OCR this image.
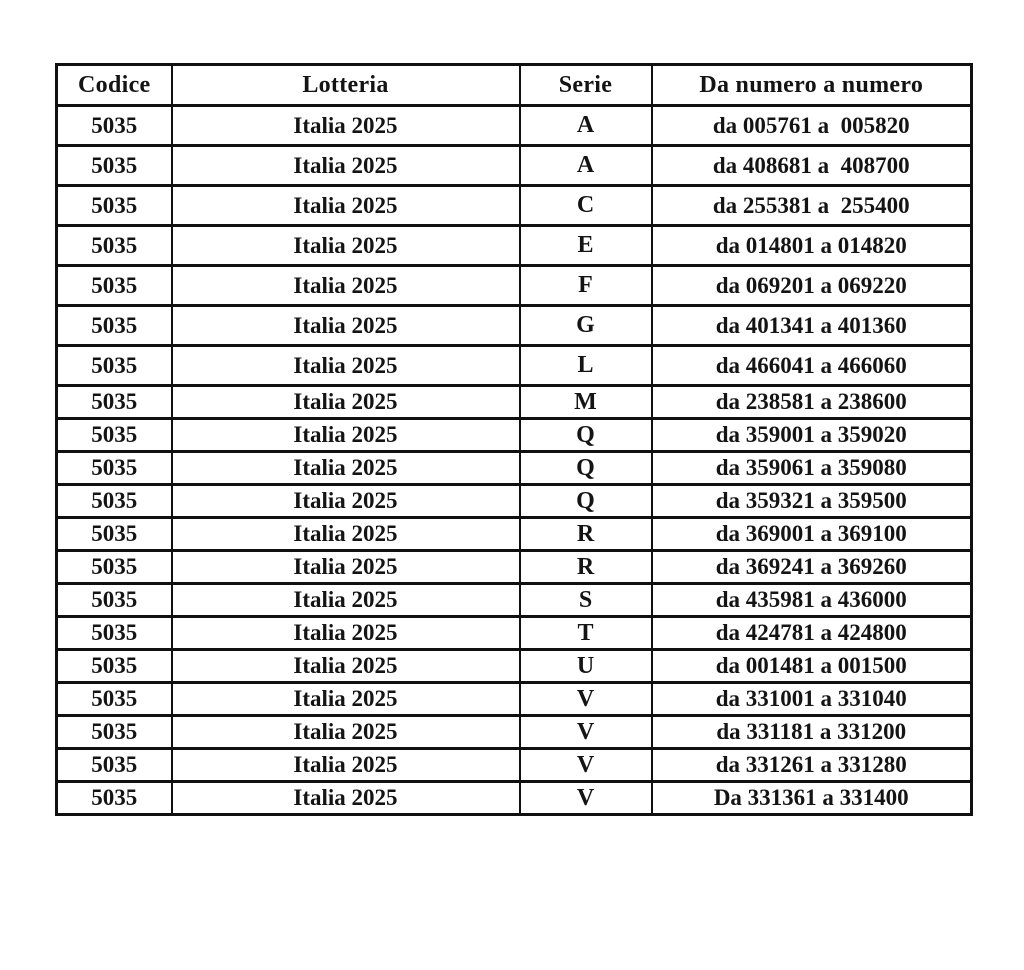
Codice	Lotteria	Serie	Da numero a numero
5035	Italia 2025	A	da 005761 a  005820
5035	Italia 2025	A	da 408681 a  408700
5035	Italia 2025	C	da 255381 a  255400
5035	Italia 2025	E	da 014801 a 014820
5035	Italia 2025	F	da 069201 a 069220
5035	Italia 2025	G	da 401341 a 401360
5035	Italia 2025	L	da 466041 a 466060
5035	Italia 2025	M	da 238581 a 238600
5035	Italia 2025	Q	da 359001 a 359020
5035	Italia 2025	Q	da 359061 a 359080
5035	Italia 2025	Q	da 359321 a 359500
5035	Italia 2025	R	da 369001 a 369100
5035	Italia 2025	R	da 369241 a 369260
5035	Italia 2025	S	da 435981 a 436000
5035	Italia 2025	T	da 424781 a 424800
5035	Italia 2025	U	da 001481 a 001500
5035	Italia 2025	V	da 331001 a 331040
5035	Italia 2025	V	da 331181 a 331200
5035	Italia 2025	V	da 331261 a 331280
5035	Italia 2025	V	Da 331361 a 331400
